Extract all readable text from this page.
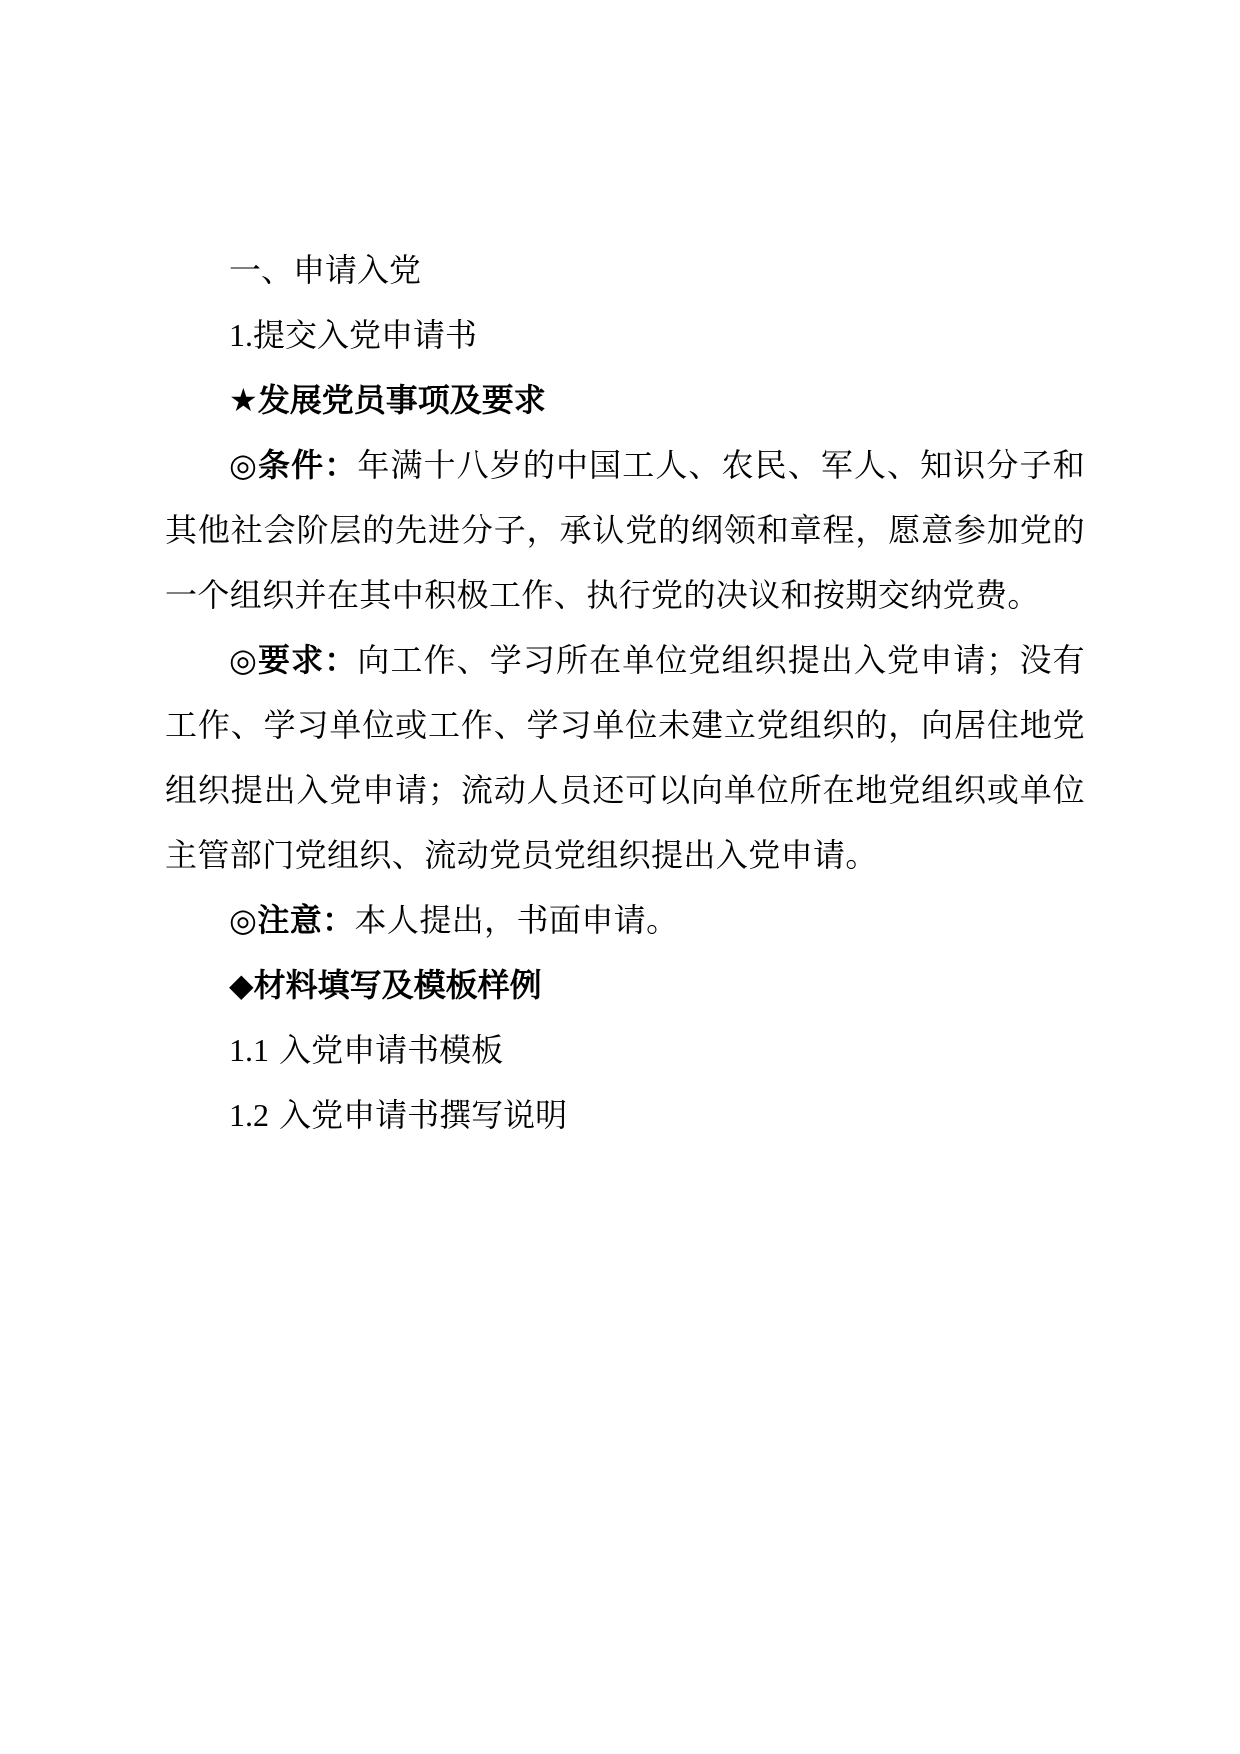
一、申请入党

1.提交入党申请书

★发展党员事项及要求

◎条件：年满十八岁的中国工人、农民、军人、知识分子和其他社会阶层的先进分子，承认党的纲领和章程，愿意参加党的一个组织并在其中积极工作、执行党的决议和按期交纳党费。

◎要求：向工作、学习所在单位党组织提出入党申请；没有工作、学习单位或工作、学习单位未建立党组织的，向居住地党组织提出入党申请；流动人员还可以向单位所在地党组织或单位主管部门党组织、流动党员党组织提出入党申请。

◎注意：本人提出，书面申请。

◆材料填写及模板样例

1.1 入党申请书模板

1.2 入党申请书撰写说明
